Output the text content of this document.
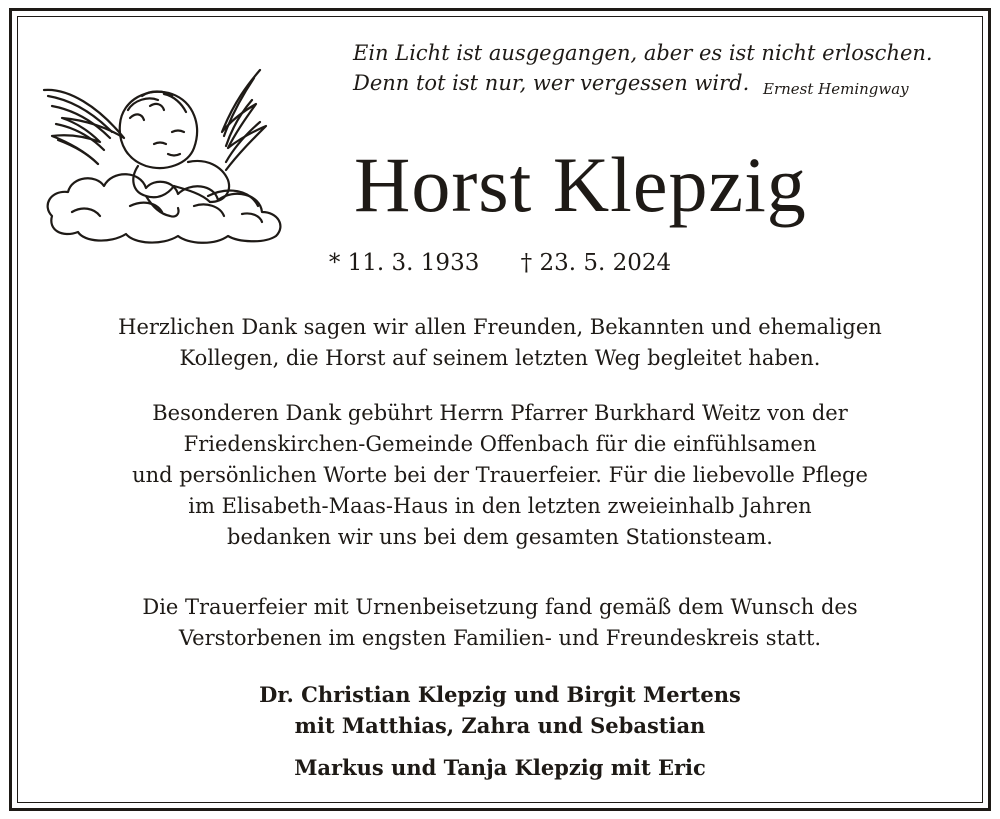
Ein Licht ist ausgegangen, aber es ist nicht erloschen.
Denn tot ist nur, wer vergessen wird. Ernest Hemingway
Horst Klepzig
* 11. 3. 1933 † 23. 5. 2024
Herzlichen Dank sagen wir allen Freunden, Bekannten und ehemaligen
Kollegen, die Horst auf seinem letzten Weg begleitet haben.
Besonderen Dank gebührt Herrn Pfarrer Burkhard Weitz von der
Friedenskirchen-Gemeinde Offenbach für die einfühlsamen
und persönlichen Worte bei der Trauerfeier. Für die liebevolle Pflege
im Elisabeth-Maas-Haus in den letzten zweieinhalb Jahren
bedanken wir uns bei dem gesamten Stationsteam.
Die Trauerfeier mit Urnenbeisetzung fand gemäß dem Wunsch des
Verstorbenen im engsten Familien- und Freundeskreis statt.
Dr. Christian Klepzig und Birgit Mertens
mit Matthias, Zahra und Sebastian
Markus und Tanja Klepzig mit Eric
